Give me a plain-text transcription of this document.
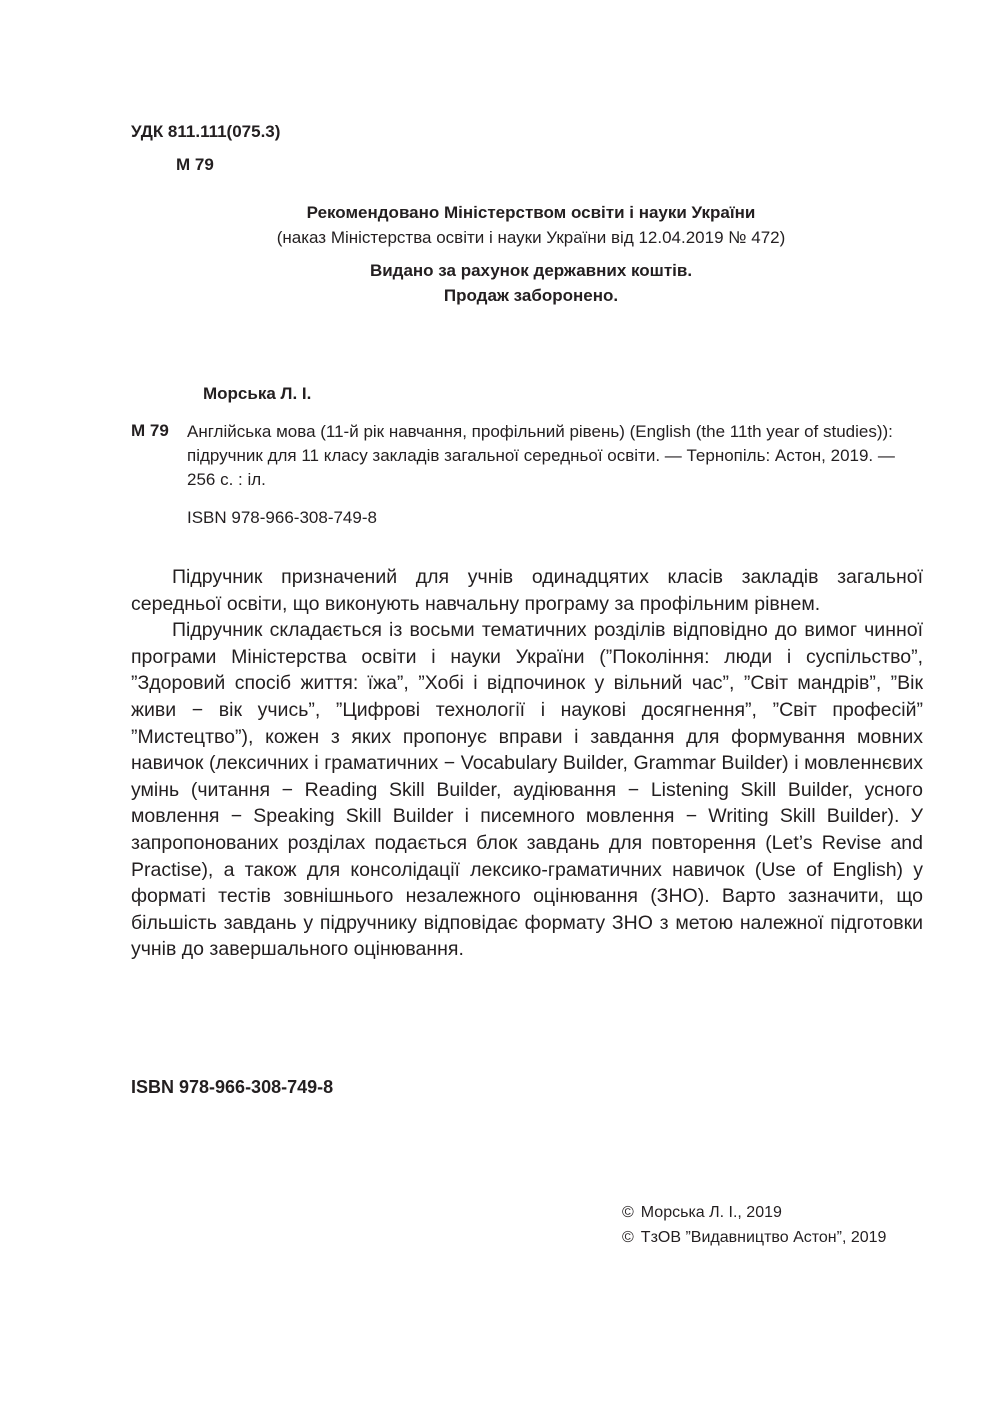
УДК 811.111(075.3)
М 79
Рекомендовано Міністерством освіти і науки України
(наказ Міністерства освіти і науки України від 12.04.2019 № 472)
Видано за рахунок державних коштів.
Продаж заборонено.
Морська Л. І.
М 79 Англійська мова (11-й рік навчання, профільний рівень) (English (the 11th year of studies)): підручник для 11 класу закладів загальної середньої освіти. — Тернопіль: Астон, 2019. — 256 с. : іл.
ISBN 978-966-308-749-8

Підручник призначений для учнів одинадцятих класів закладів загальної середньої освіти, що виконують навчальну програму за профільним рівнем.

Підручник складається із восьми тематичних розділів відповідно до вимог чинної програми Міністерства освіти і науки України (”Покоління: люди і суспільство”, ”Здоровий спосіб життя: їжа”, ”Хобі і відпочинок у вільний час”, ”Світ мандрів”, ”Вік живи − вік учись”, ”Цифрові технології і наукові досягнення”, ”Світ професій” ”Мистецтво”), кожен з яких пропонує вправи і завдання для формування мовних навичок (лексичних і граматичних − Vocabulary Builder, Grammar Builder) і мовленнєвих умінь (читання − Reading Skill Builder, аудіювання − Listening Skill Builder, усного мовлення − Speaking Skill Builder і писемного мовлення − Writing Skill Builder). У запропонованих розділах подається блок завдань для повторення (Let’s Revise and Practise), а також для консолідації лексико-граматичних навичок (Use of English) у форматі тестів зовнішнього незалежного оцінювання (ЗНО). Варто зазначити, що більшість завдань у підручнику відповідає формату ЗНО з метою належної підготовки учнів до завершального оцінювання.

ISBN 978-966-308-749-8
© Морська Л. І., 2019
© ТзОВ ”Видавництво Астон”, 2019
